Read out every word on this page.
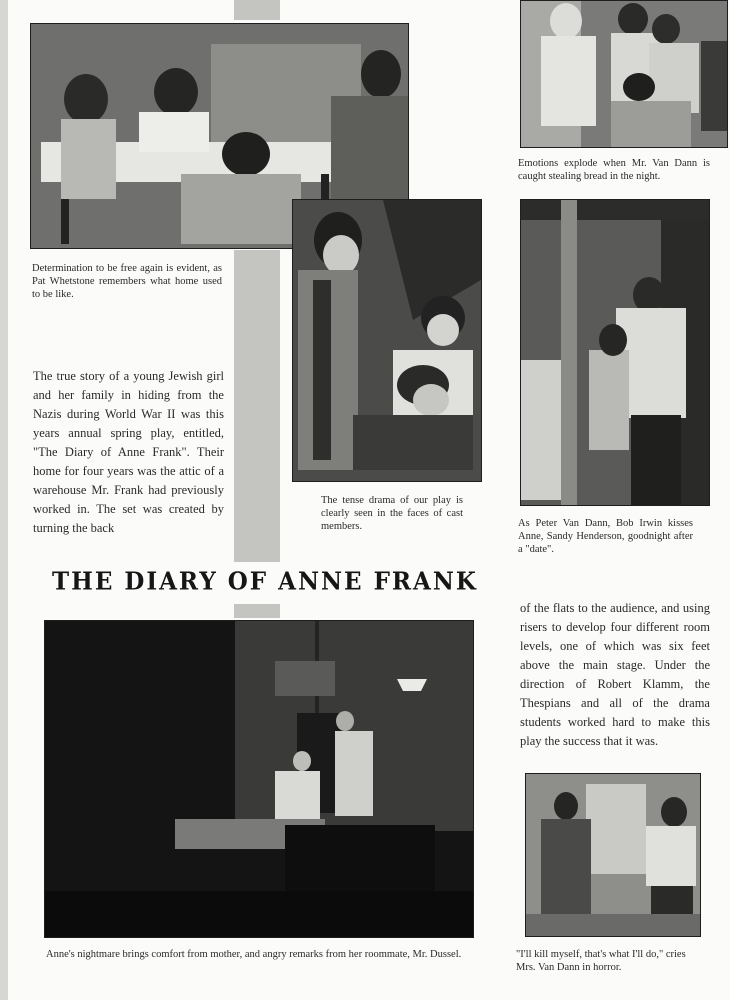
Determination to be free again is evident, as Pat Whetstone remembers what home used to be like.

Emotions explode when Mr. Van Dann is caught stealing bread in the night.

The tense drama of our play is clearly seen in the faces of cast members.	As Peter Van Dann, Bob Irwin kisses Anne, Sandy Henderson, goodnight after a "date".

The true story of a young Jewish girl and her family in hiding from the Nazis during World War II was this years annual spring play, entitled, "The Diary of Anne Frank". Their home for four years was the attic of a warehouse Mr. Frank had previously worked in. The set was created by turning the back

THE DIARY OF ANNE FRANK

of the flats to the audience, and using risers to develop four different room levels, one of which was six feet above the main stage. Under the direction of Robert Klamm, the Thespians and all of the drama students worked hard to make this play the success that it was.

Anne's nightmare brings comfort from mother, and angry remarks from her roommate, Mr. Dussel.	"I'll kill myself, that's what I'll do," cries Mrs. Van Dann in horror.
